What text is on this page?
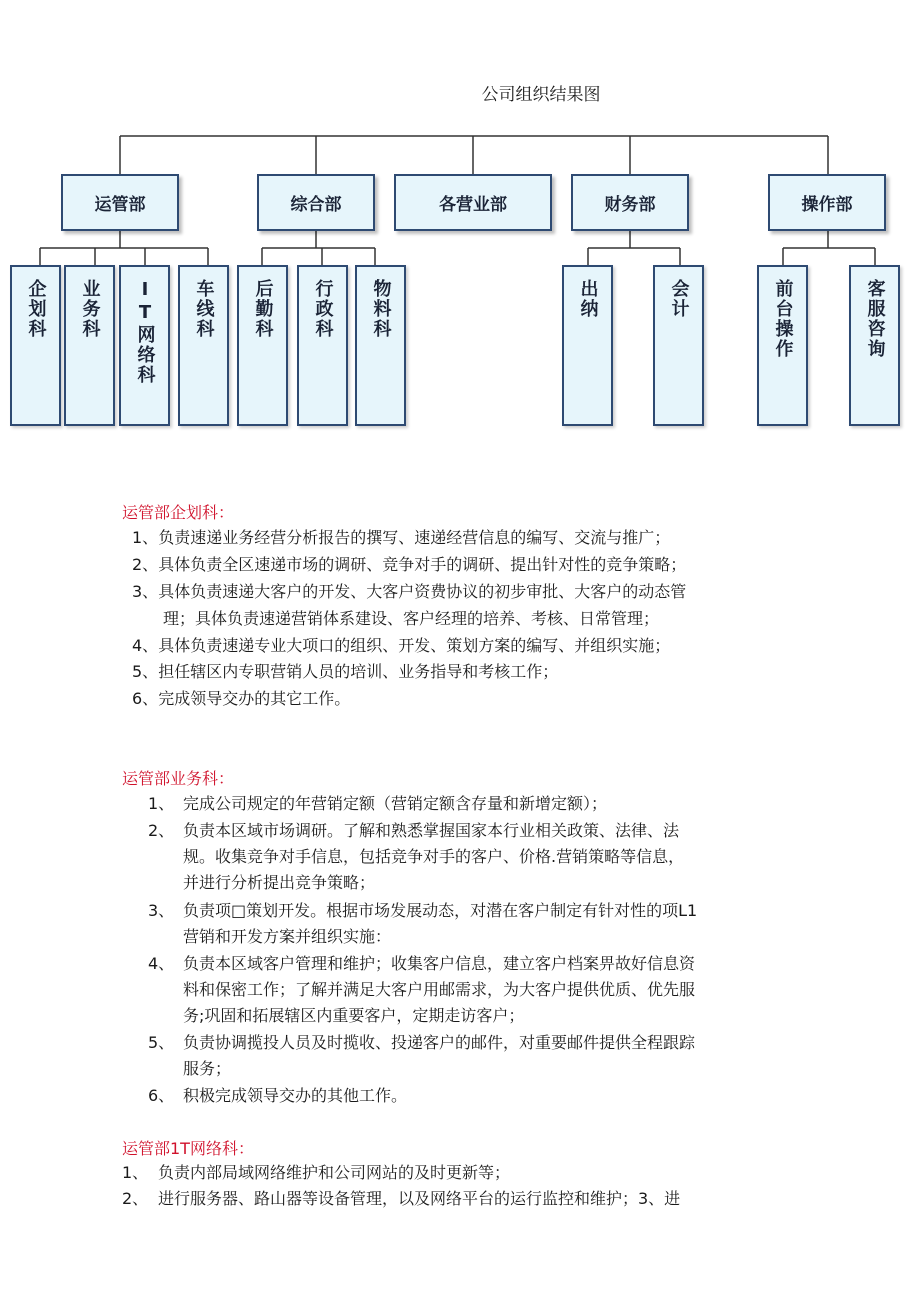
公司组织结果图
运管部	综合部	各营业部	财务部	操作部
企划科	业务科	IT网络科	车线科	后勤科	行政科	物料科	出纳	会计	前台操作	客服咨询
运管部企划科：
1、负责速递业务经营分析报告的撰写、速递经营信息的编写、交流与推广；
2、具体负责全区速递市场的调研、竞争对手的调研、提出针对性的竞争策略；
3、具体负责速递大客户的开发、大客户资费协议的初步审批、大客户的动态管
理；具体负责速递营销体系建设、客户经理的培养、考核、日常管理；
4、具体负责速递专业大项口的组织、开发、策划方案的编写、并组织实施；
5、担任辖区内专职营销人员的培训、业务指导和考核工作；
6、完成领导交办的其它工作。
运管部业务科：
1、 完成公司规定的年营销定额（营销定额含存量和新增定额）；
2、 负责本区域市场调研。了解和熟悉掌握国家本行业相关政策、法律、法
规。收集竞争对手信息，包括竞争对手的客户、价格.营销策略等信息，
并进行分析提出竞争策略；
3、 负责项□策划开发。根据市场发展动态，对潜在客户制定有针对性的项L1
营销和开发方案并组织实施：
4、 负责本区域客户管理和维护；收集客户信息，建立客户档案畀故好信息资
料和保密工作；了解并满足大客户用邮需求，为大客户提供优质、优先服
务;巩固和拓展辖区内重要客户，定期走访客户；
5、 负责协调揽投人员及时揽收、投递客户的邮件，对重要邮件提供全程跟踪
服务；
6、 积极完成领导交办的其他工作。
运管部1T网络科：
1、 负责内部局域网络维护和公司网站的及时更新等；
2、 进行服务器、路山器等设备管理，以及网络平台的运行监控和维护；3、进
